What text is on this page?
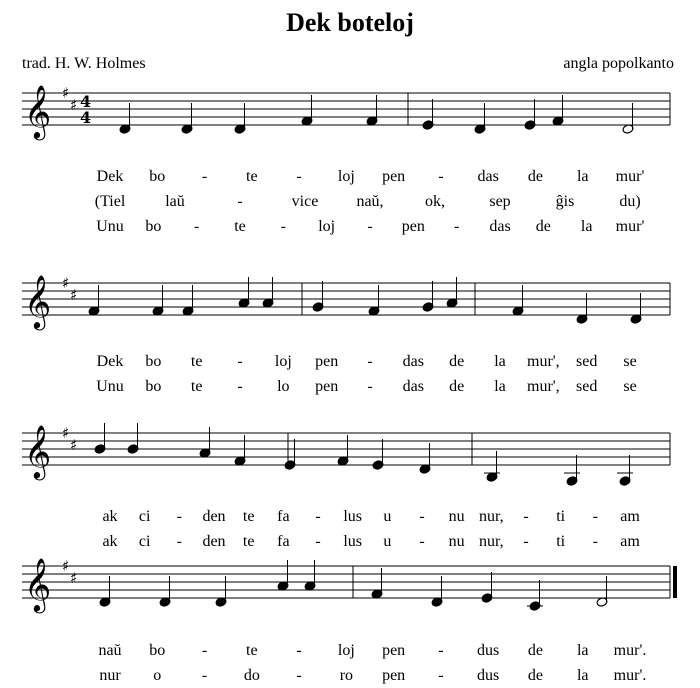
Dek boteloj
trad. H. W. Holmes	angla popolkanto
𝄞 ♯
♯ 4
4
𝄞 ♯
♯
𝄞 ♯
♯
𝄞 ♯
♯
Dek bo - te - loj pen - das de la mur'
(Tiel laŭ	-	vice naŭ,	ok,	sep	ĝis	du)
Unu bo - te - loj - pen - das de la mur'
Dek bo te - loj pen - das de la mur', sed se
Unu bo te - lo pen - das de la mur', sed se
ak ci - den te fa - lus u - nu nur, - ti - am
ak ci - den te fa - lus u - nu nur, - ti - am
naŭ bo - te - loj pen - dus de la mur'.
nur o	- do - ro pen - dus de la mur'.
